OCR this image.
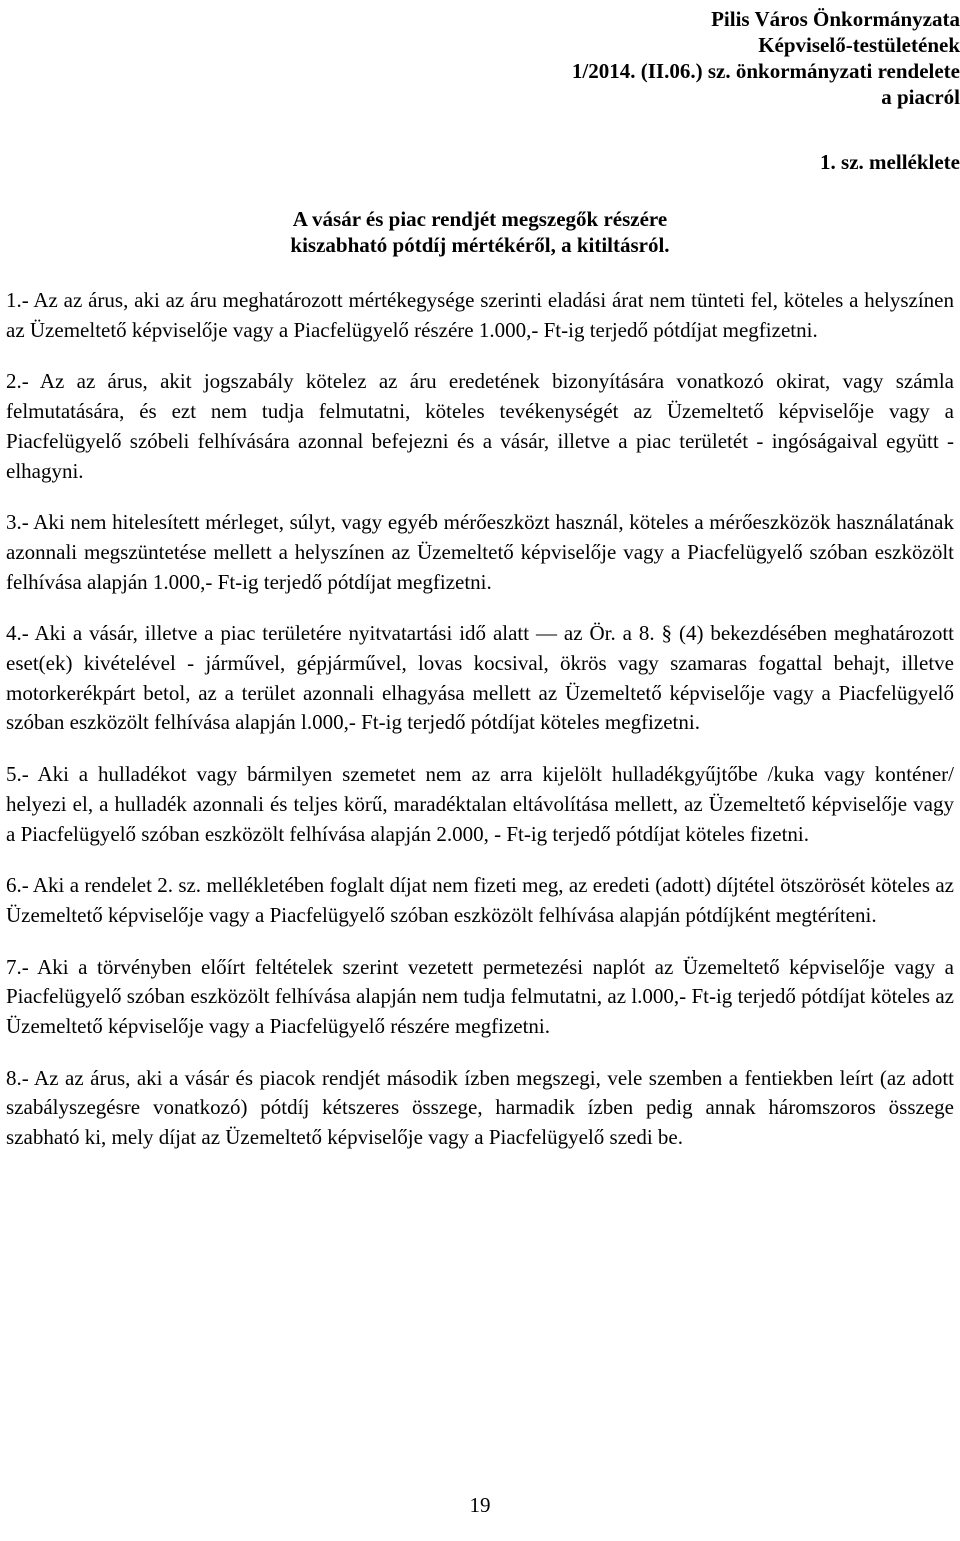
Pilis Város Önkormányzata
Képviselő-testületének
1/2014. (II.06.) sz. önkormányzati rendelete
a piacról
1. sz. melléklete
A vásár és piac rendjét megszegők részére
kiszabható pótdíj mértékéről, a kitiltásról.

1.- Az az árus, aki az áru meghatározott mértékegysége szerinti eladási árat nem tünteti fel, köteles a helyszínen az Üzemeltető képviselője vagy a Piacfelügyelő részére 1.000,- Ft-ig terjedő pótdíjat megfizetni.

2.- Az az árus, akit jogszabály kötelez az áru eredetének bizonyítására vonatkozó okirat, vagy számla felmutatására, és ezt nem tudja felmutatni, köteles tevékenységét az Üzemeltető képviselője vagy a Piacfelügyelő szóbeli felhívására azonnal befejezni és a vásár, illetve a piac területét - ingóságaival együtt - elhagyni.

3.- Aki nem hitelesített mérleget, súlyt, vagy egyéb mérőeszközt használ, köteles a mérőeszközök használatának azonnali megszüntetése mellett a helyszínen az Üzemeltető képviselője vagy a Piacfelügyelő szóban eszközölt felhívása alapján 1.000,- Ft-ig terjedő pótdíjat megfizetni.

4.- Aki a vásár, illetve a piac területére nyitvatartási idő alatt — az Ör. a 8. § (4) bekezdésében meghatározott eset(ek) kivételével - járművel, gépjárművel, lovas kocsival, ökrös vagy szamaras fogattal behajt, illetve motorkerékpárt betol, az a terület azonnali elhagyása mellett az Üzemeltető képviselője vagy a Piacfelügyelő szóban eszközölt felhívása alapján l.000,- Ft-ig terjedő pótdíjat köteles megfizetni.

5.- Aki a hulladékot vagy bármilyen szemetet nem az arra kijelölt hulladékgyűjtőbe /kuka vagy konténer/ helyezi el, a hulladék azonnali és teljes körű, maradéktalan eltávolítása mellett, az Üzemeltető képviselője vagy a Piacfelügyelő szóban eszközölt felhívása alapján 2.000, - Ft-ig terjedő pótdíjat köteles fizetni.

6.- Aki a rendelet 2. sz. mellékletében foglalt díjat nem fizeti meg, az eredeti (adott) díjtétel ötszörösét köteles az Üzemeltető képviselője vagy a Piacfelügyelő szóban eszközölt felhívása alapján pótdíjként megtéríteni.

7.- Aki a törvényben előírt feltételek szerint vezetett permetezési naplót az Üzemeltető képviselője vagy a Piacfelügyelő szóban eszközölt felhívása alapján nem tudja felmutatni, az l.000,- Ft-ig terjedő pótdíjat köteles az Üzemeltető képviselője vagy a Piacfelügyelő részére megfizetni.

8.- Az az árus, aki a vásár és piacok rendjét második ízben megszegi, vele szemben a fentiekben leírt (az adott szabályszegésre vonatkozó) pótdíj kétszeres összege, harmadik ízben pedig annak háromszoros összege szabható ki, mely díjat az Üzemeltető képviselője vagy a Piacfelügyelő szedi be.

19
